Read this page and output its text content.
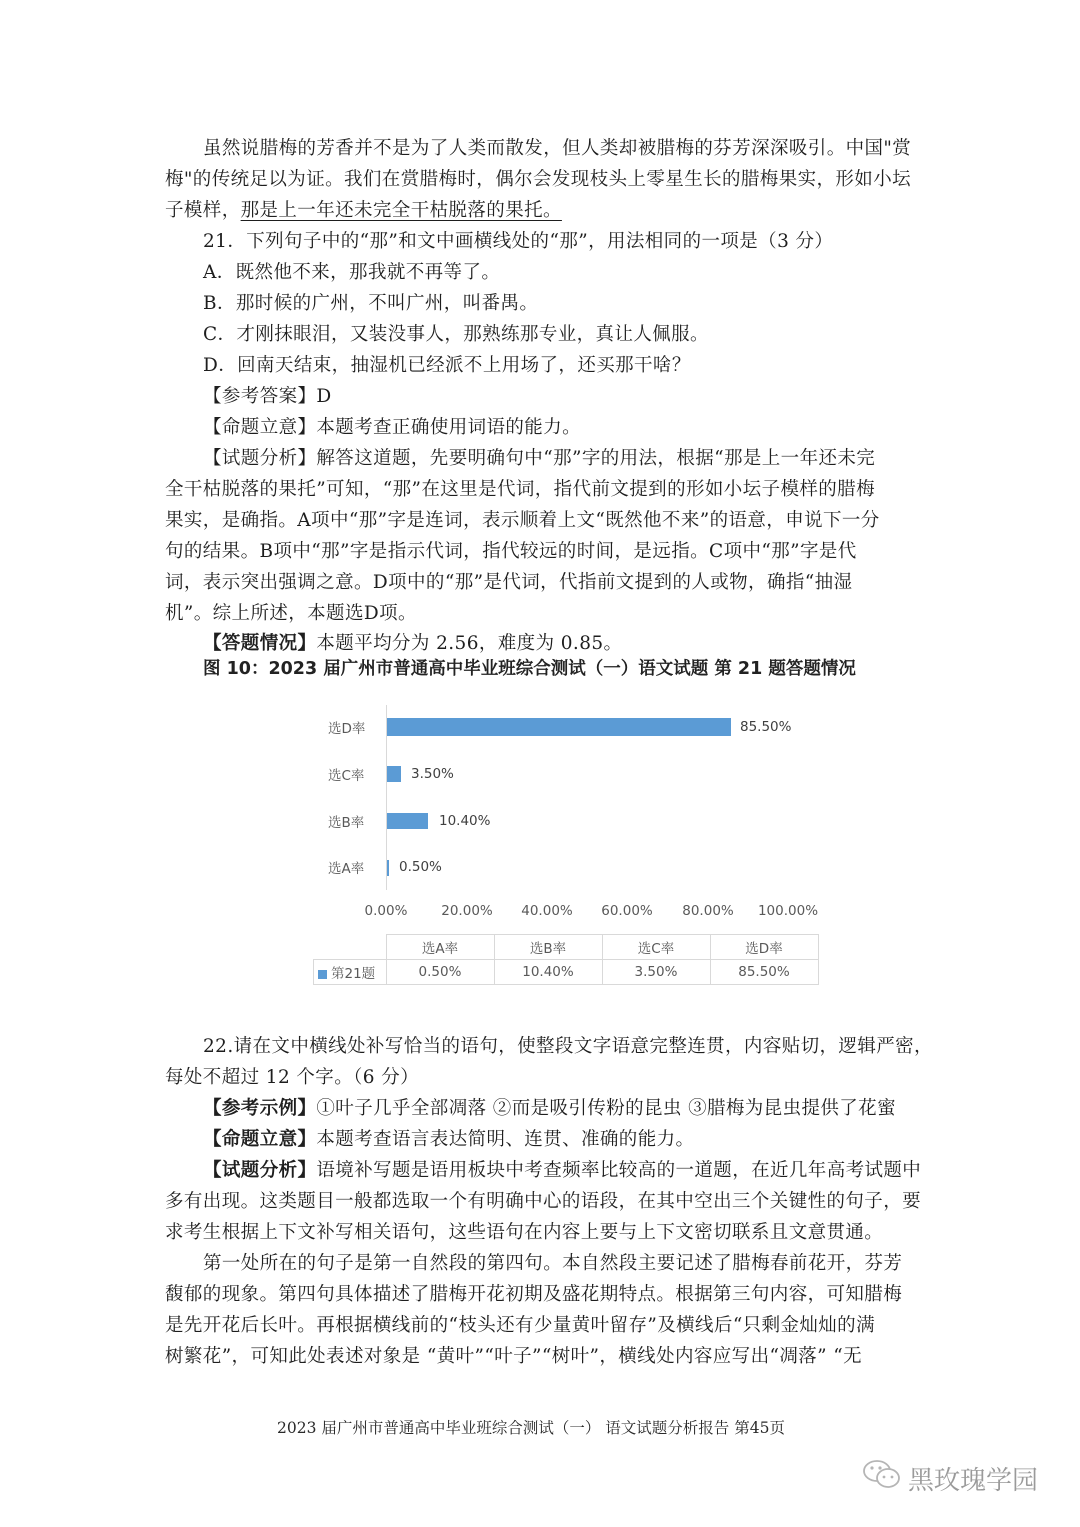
虽然说腊梅的芳香并不是为了人类而散发，但人类却被腊梅的芬芳深深吸引。中国"赏
梅"的传统足以为证。我们在赏腊梅时，偶尔会发现枝头上零星生长的腊梅果实，形如小坛
子模样，那是上一年还未完全干枯脱落的果托。
21．下列句子中的“那”和文中画横线处的“那”，用法相同的一项是（3 分）
A．既然他不来，那我就不再等了。
B．那时候的广州，不叫广州，叫番禺。
C．才刚抹眼泪，又装没事人，那熟练那专业，真让人佩服。
D．回南天结束，抽湿机已经派不上用场了，还买那干啥？
【参考答案】D
【命题立意】本题考查正确使用词语的能力。
【试题分析】解答这道题，先要明确句中“那”字的用法，根据“那是上一年还未完
全干枯脱落的果托”可知，“那”在这里是代词，指代前文提到的形如小坛子模样的腊梅
果实，是确指。A项中“那”字是连词，表示顺着上文“既然他不来”的语意，申说下一分
句的结果。B项中“那”字是指示代词，指代较远的时间，是远指。C项中“那”字是代
词，表示突出强调之意。D项中的“那”是代词，代指前文提到的人或物，确指“抽湿
机”。综上所述，本题选D项。
【答题情况】本题平均分为 2.56，难度为 0.85。
图 10：2023 届广州市普通高中毕业班综合测试（一）语文试题 第 21 题答题情况
选D率	85.50%
选C率	3.50%
选B率	10.40%
选A率	0.50%
0.00%	20.00% 40.00% 60.00% 80.00% 100.00%
	选A率	选B率	选C率	选D率
第21题	0.50%	10.40%	3.50%	85.50%
22.请在文中横线处补写恰当的语句，使整段文字语意完整连贯，内容贴切，逻辑严密，
每处不超过 12 个字。（6 分）
【参考示例】①叶子几乎全部凋落 ②而是吸引传粉的昆虫 ③腊梅为昆虫提供了花蜜
【命题立意】本题考查语言表达简明、连贯、准确的能力。
【试题分析】语境补写题是语用板块中考查频率比较高的一道题，在近几年高考试题中
多有出现。这类题目一般都选取一个有明确中心的语段，在其中空出三个关键性的句子，要
求考生根据上下文补写相关语句，这些语句在内容上要与上下文密切联系且文意贯通。
第一处所在的句子是第一自然段的第四句。本自然段主要记述了腊梅春前花开，芬芳
馥郁的现象。第四句具体描述了腊梅开花初期及盛花期特点。根据第三句内容，可知腊梅
是先开花后长叶。再根据横线前的“枝头还有少量黄叶留存”及横线后“只剩金灿灿的满
树繁花”，可知此处表述对象是 “黄叶”“叶子”“树叶”，横线处内容应写出“凋落” “无
2023 届广州市普通高中毕业班综合测试（一） 语文试题分析报告 第45页
黑玫瑰学园
